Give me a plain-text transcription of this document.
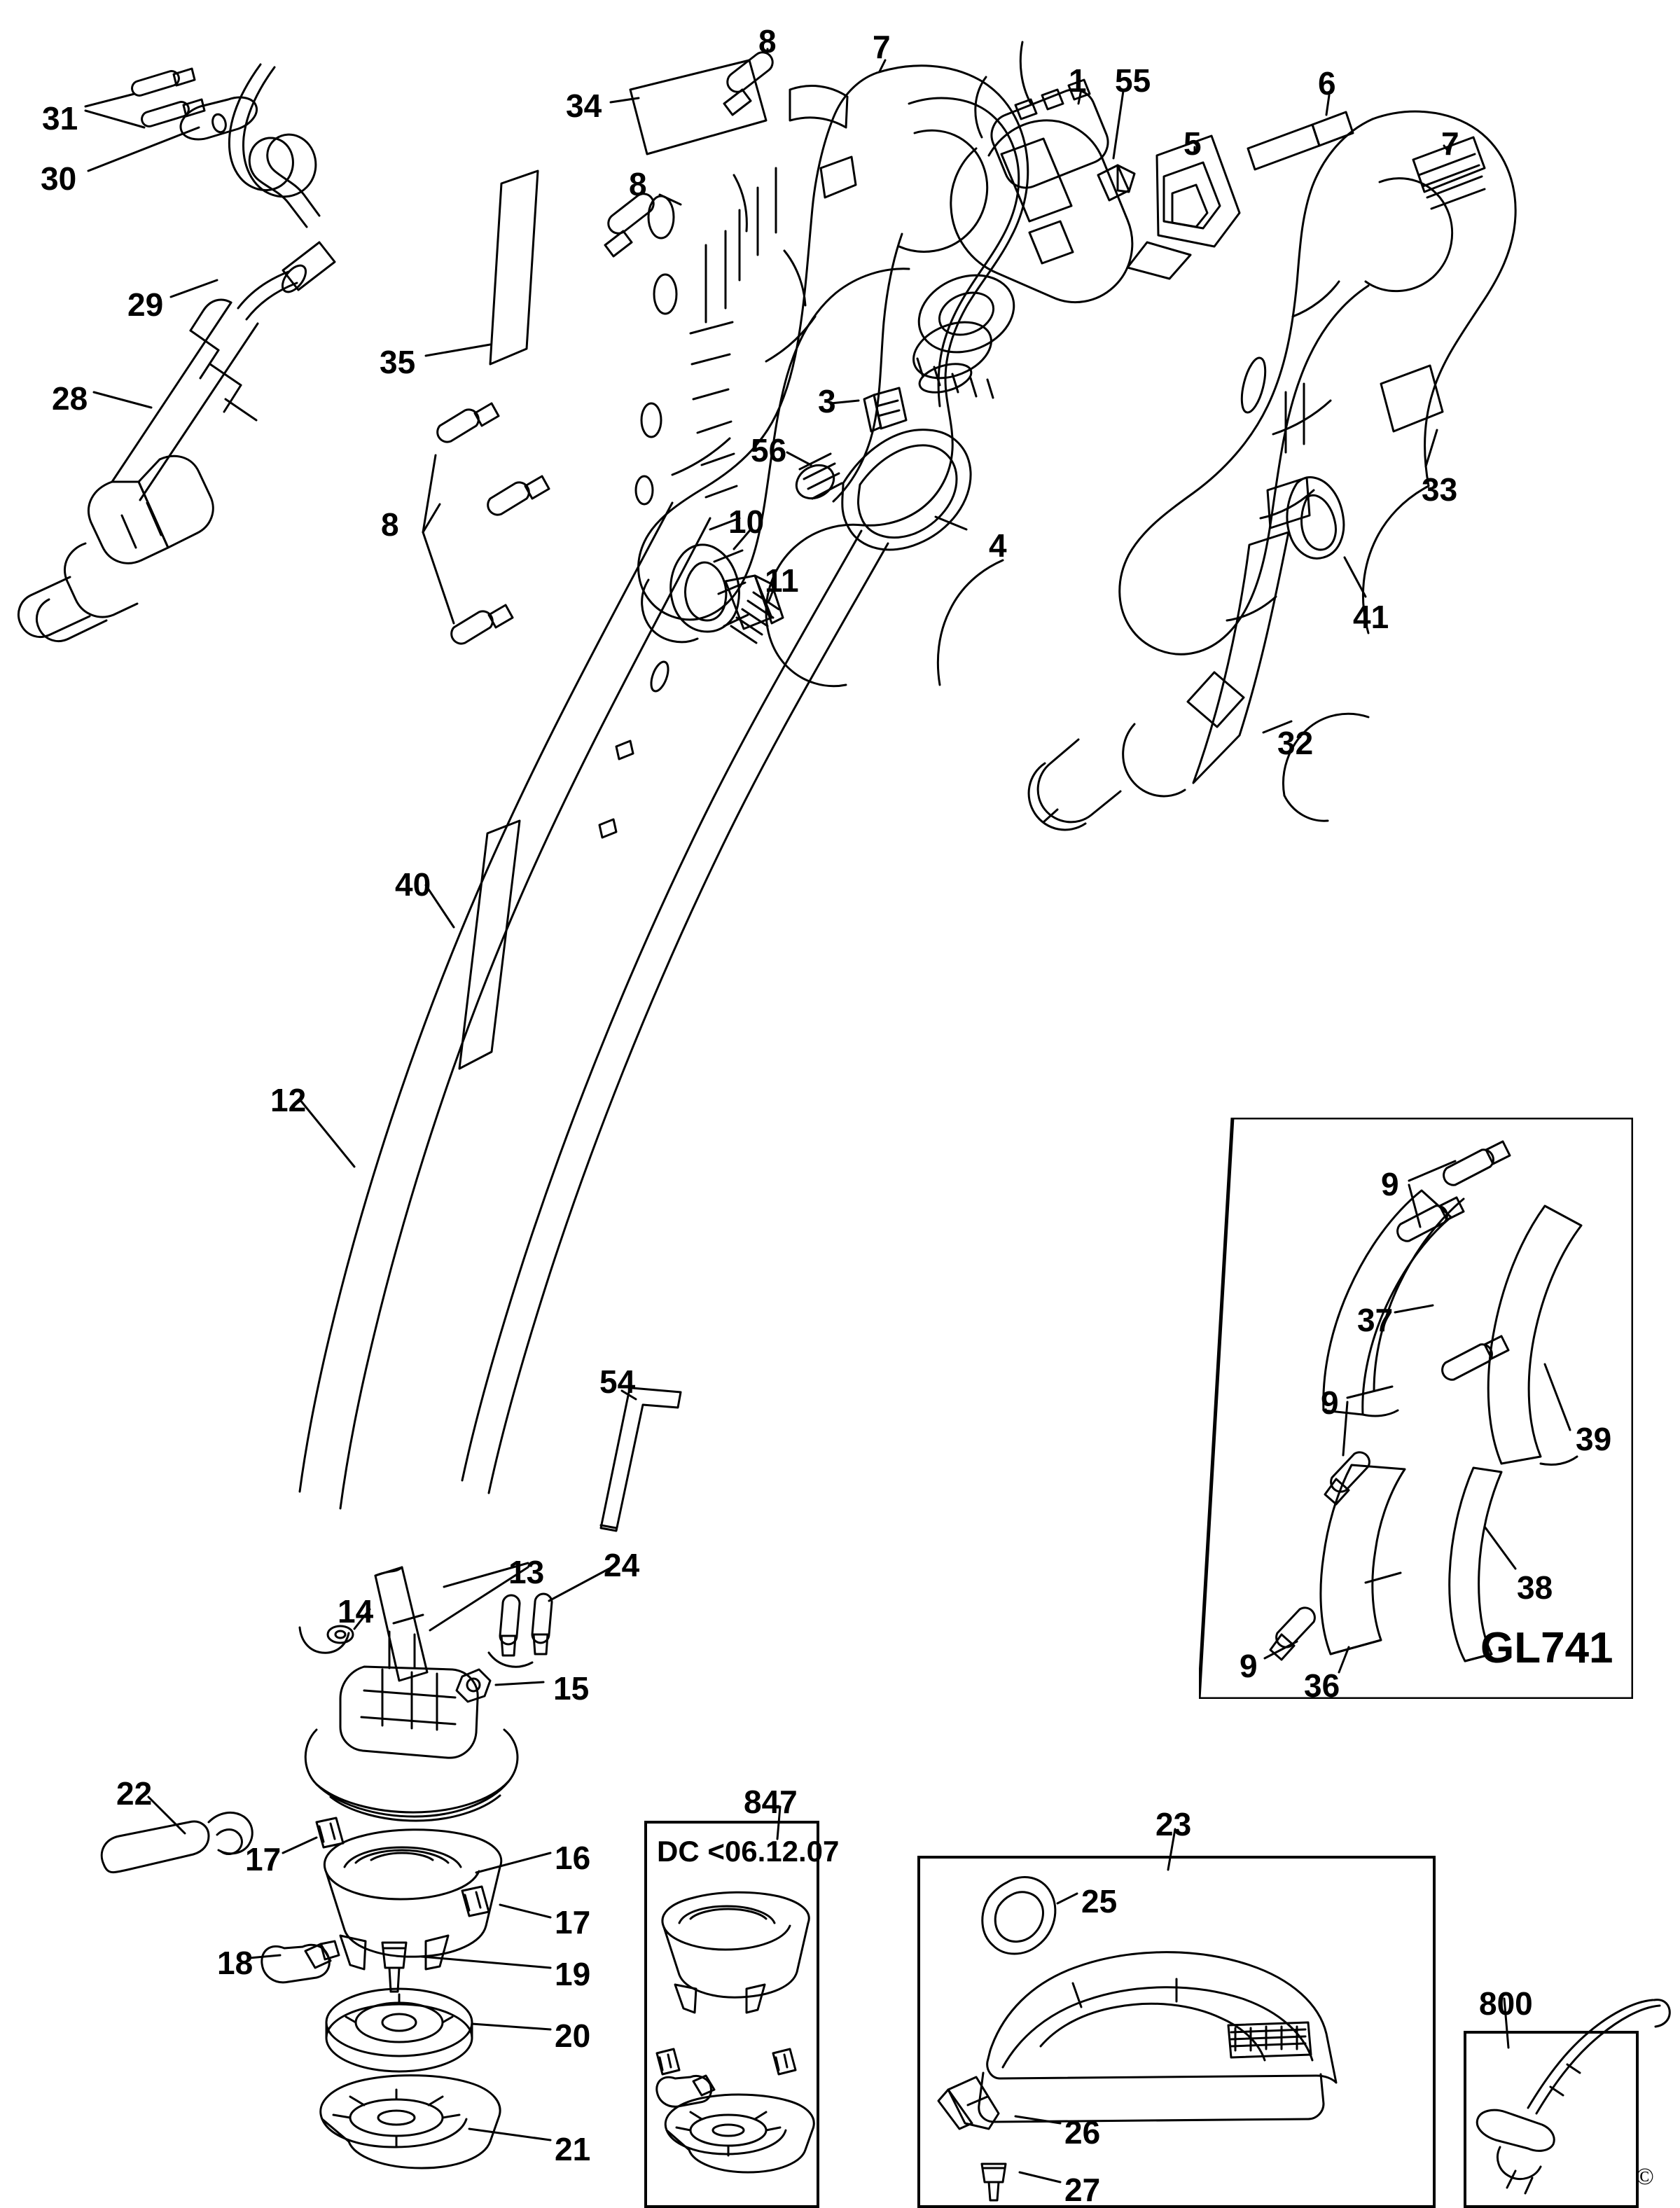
31
30
29
28
34
8	7
1 55
5
6
7
8
35
3
56
33
8	10
4
11
41
32
40
12
9
37
39
9
54
38
13 24
14
9
36
15
22
17	16
847
23
17
25
18	19
20
800
21	26
27
GL741
DC <06.12.07
©
